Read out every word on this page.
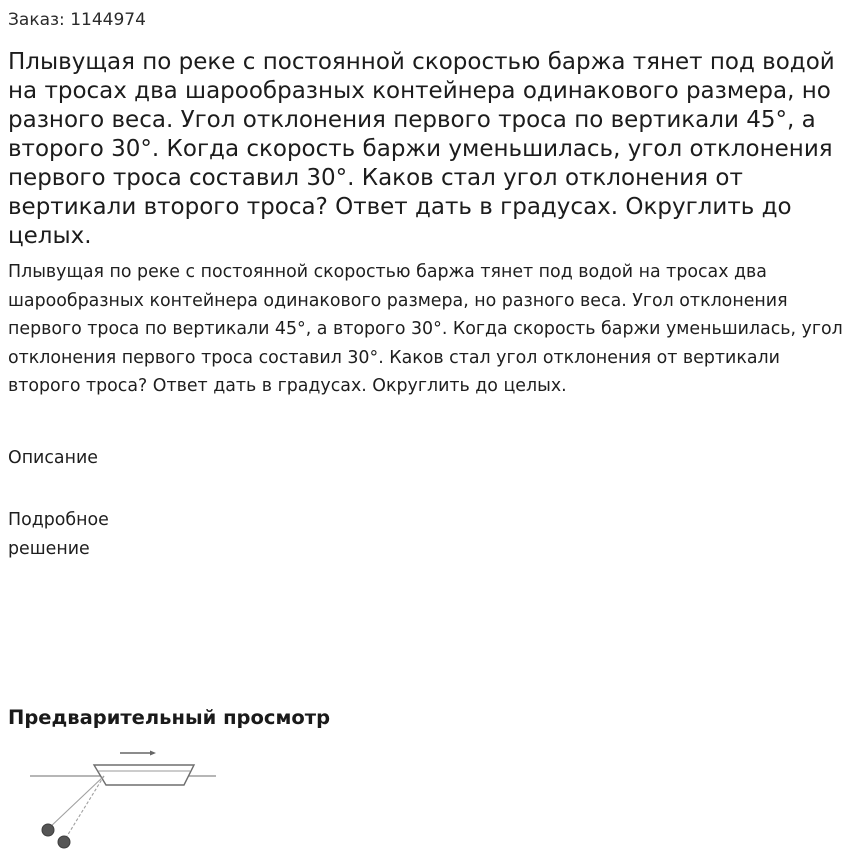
Заказ: 1144974
Плывущая по реке с постоянной скоростью баржа тянет под водой на тросах два шарообразных контейнера одинакового размера, но разного веса. Угол отклонения первого троса по вертикали 45°, а второго 30°. Когда скорость баржи уменьшилась, угол отклонения первого троса составил 30°. Каков стал угол отклонения от вертикали второго троса? Ответ дать в градусах. Округлить до целых.
Плывущая по реке с постоянной скоростью баржа тянет под водой на тросах два шарообразных контейнера одинакового размера, но разного веса. Угол отклонения первого троса по вертикали 45°, а второго 30°. Когда скорость баржи уменьшилась, угол отклонения первого троса составил 30°. Каков стал угол отклонения от вертикали второго троса? Ответ дать в градусах. Округлить до целых.
Описание
Подробное решение
Предварительный просмотр
